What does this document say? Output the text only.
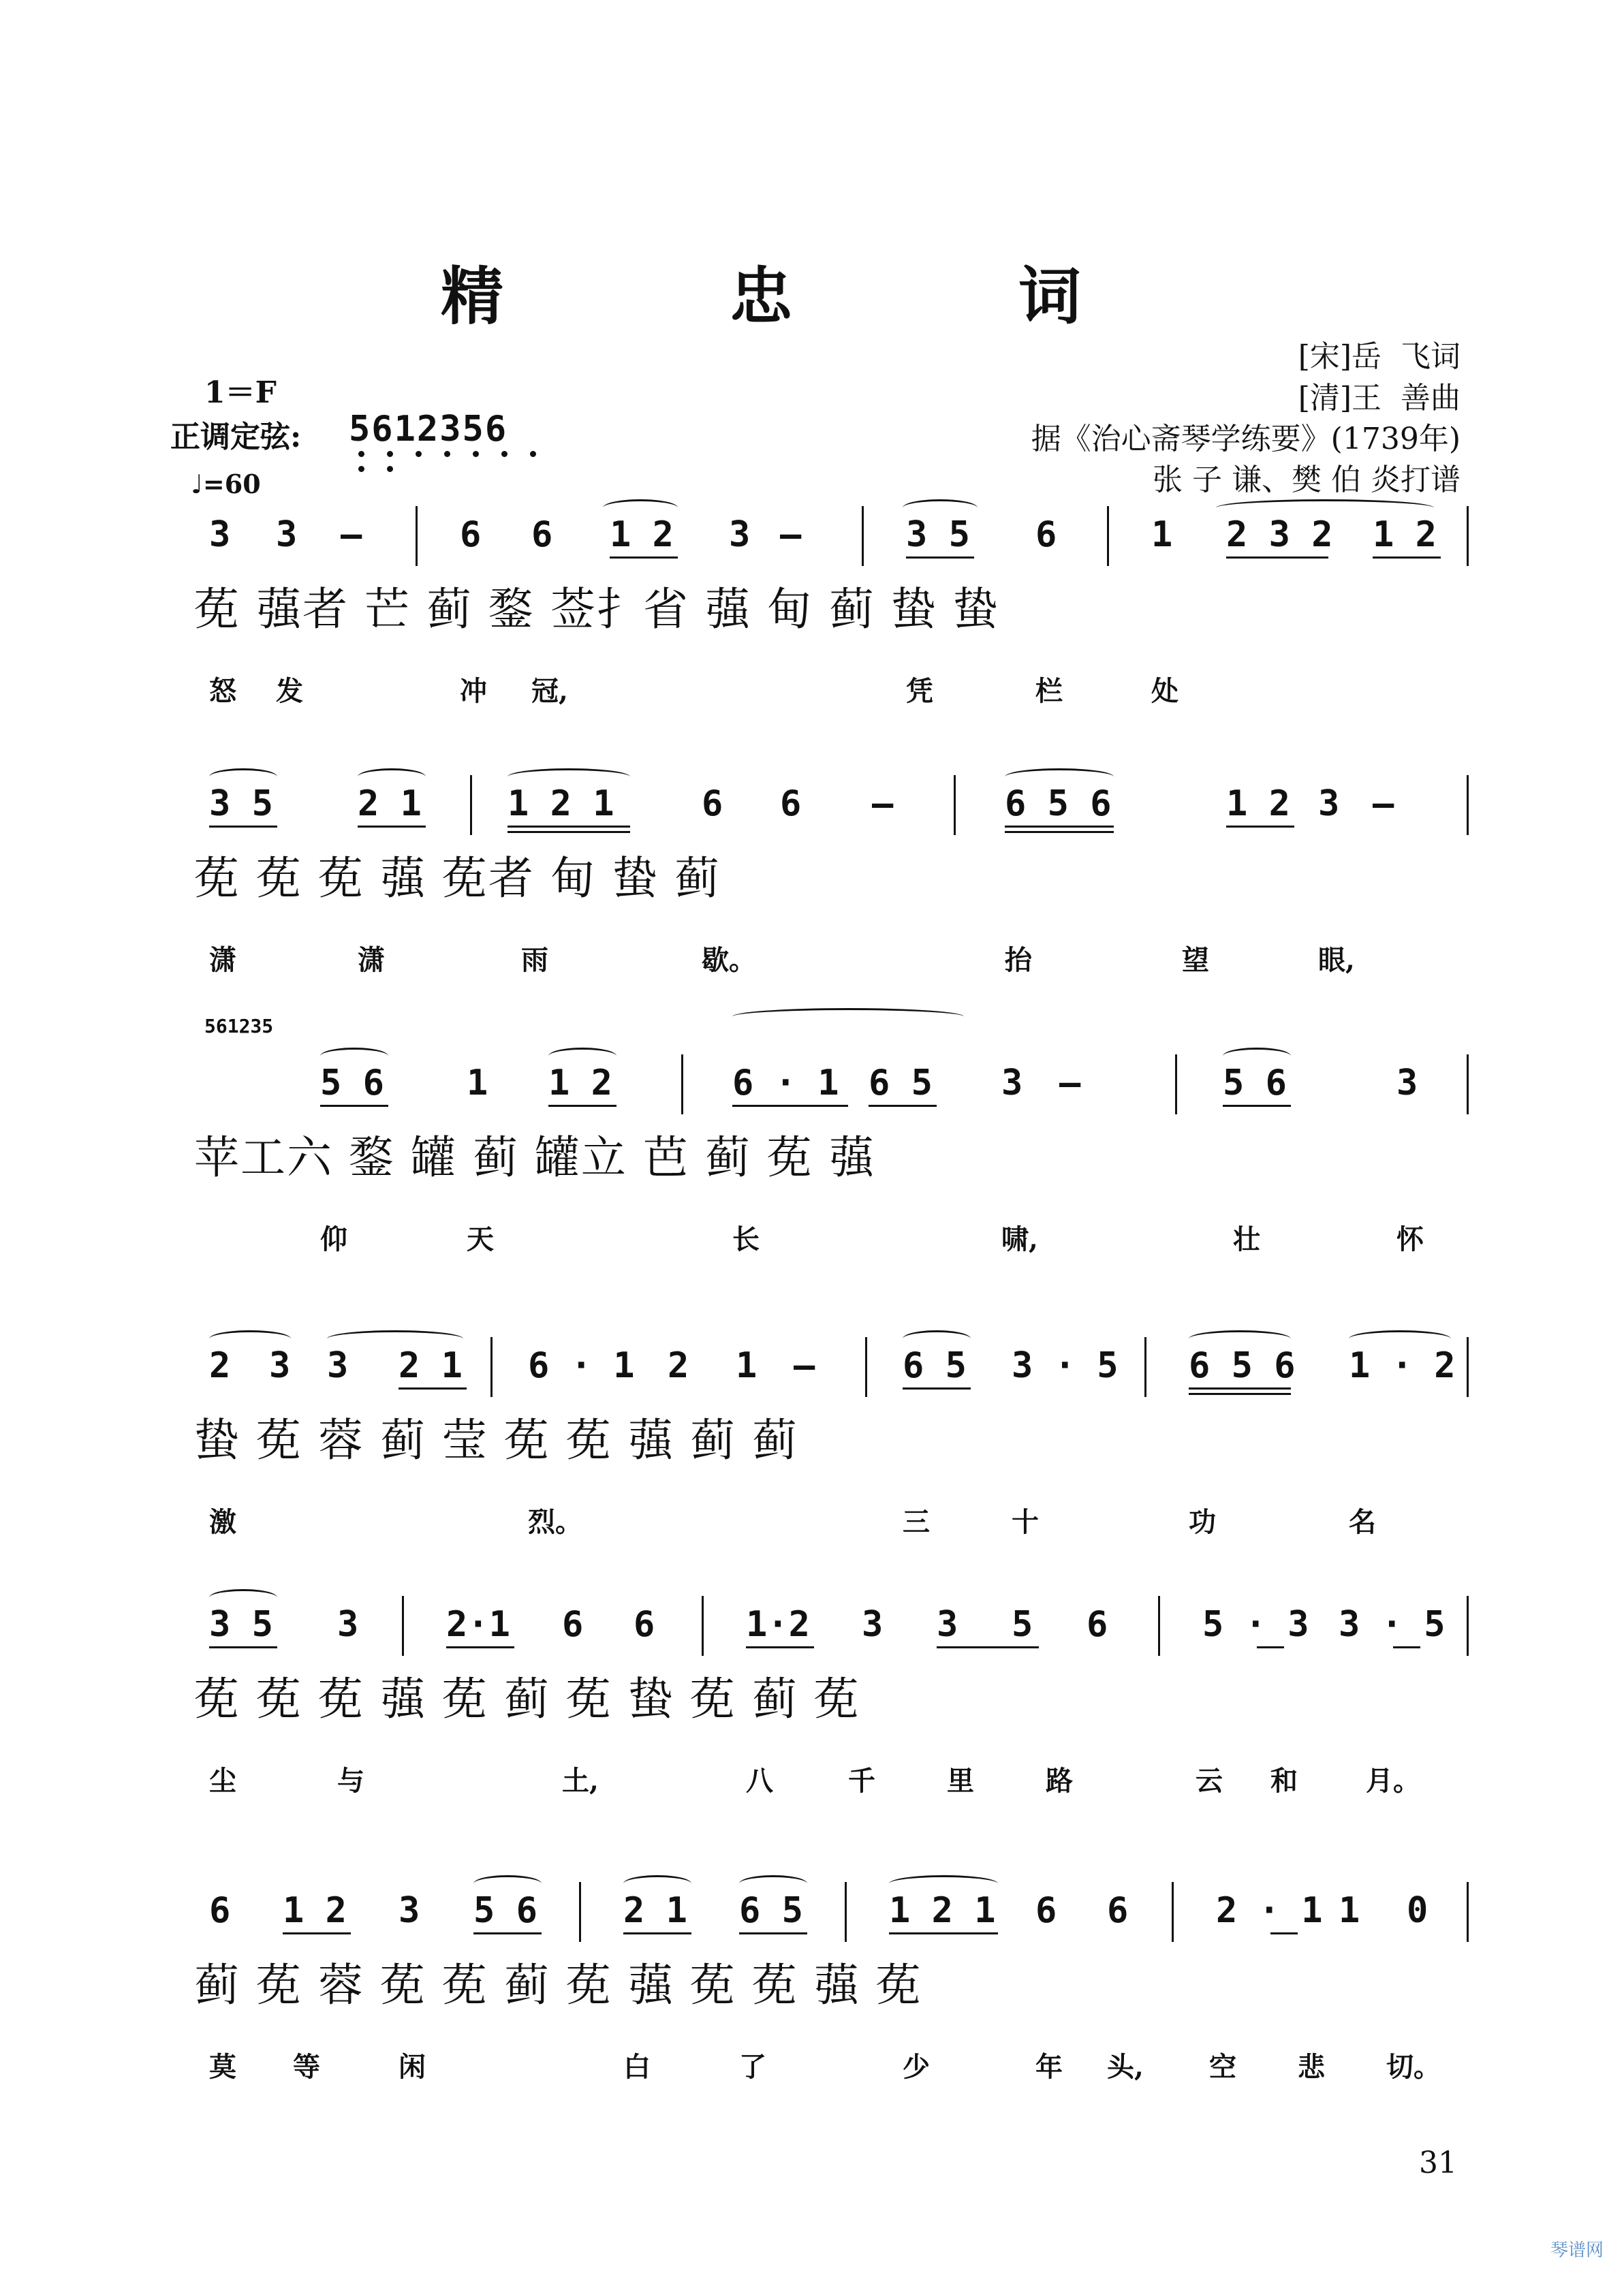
精 忠 词
[宋]岳  飞词
[清]王  善曲
据《治心斋琴学练要》(1739年)
张 子 谦、樊 伯 炎打谱
1＝F
正调定弦: 5612356
♩=60
3 3 —	6 6 1 2 3 —	3 5 6	1 2 3 2 1 2
莬 蔃者 芒 蓟 鍪 莶扌省 蔃 甸 蓟 蛰 蛰
怒 发	冲 冠,	凭	栏	处
3 5 2 1 1 2 1 6 6 —	6 5 6	1 2 3 —
莬 莬 莬 蔃 莬者 甸 蛰 蓟
潇	潇	雨	歇。	抬	望	眼,
561235
5 6 1 1 2	6 · 1 6 5 3 —	5 6	3
苹工六 鍪 罐 蓟 罐立 芭 蓟 莬 蔃
仰	天	长	啸,	壮	怀
2 3 3 2 1 6 · 1 2 1 — 6 5 3 · 5 6 5 6 1 · 2
蛰 莬 蓉 蓟 莹 莬 莬 蔃 蓟 蓟
激	烈。	三	十	功	名
3 5 3 2·1 6 6	1·2 3 3 5 6	5 · 3 3 · 5
莬 莬 莬 蔃 莬 蓟 莬 蛰 莬 蓟 莬
尘	与	土,	八	千	里	路	云 和	月。
6 1 2 3 5 6 2 1 6 5 1 2 1 6 6 2 · 1 1 0
蓟 莬 蓉 莬 莬 蓟 莬 蔃 莬 莬 蔃 莬
莫 等	闲	白	了	少	年 头, 空 悲 切。
31
琴谱网
